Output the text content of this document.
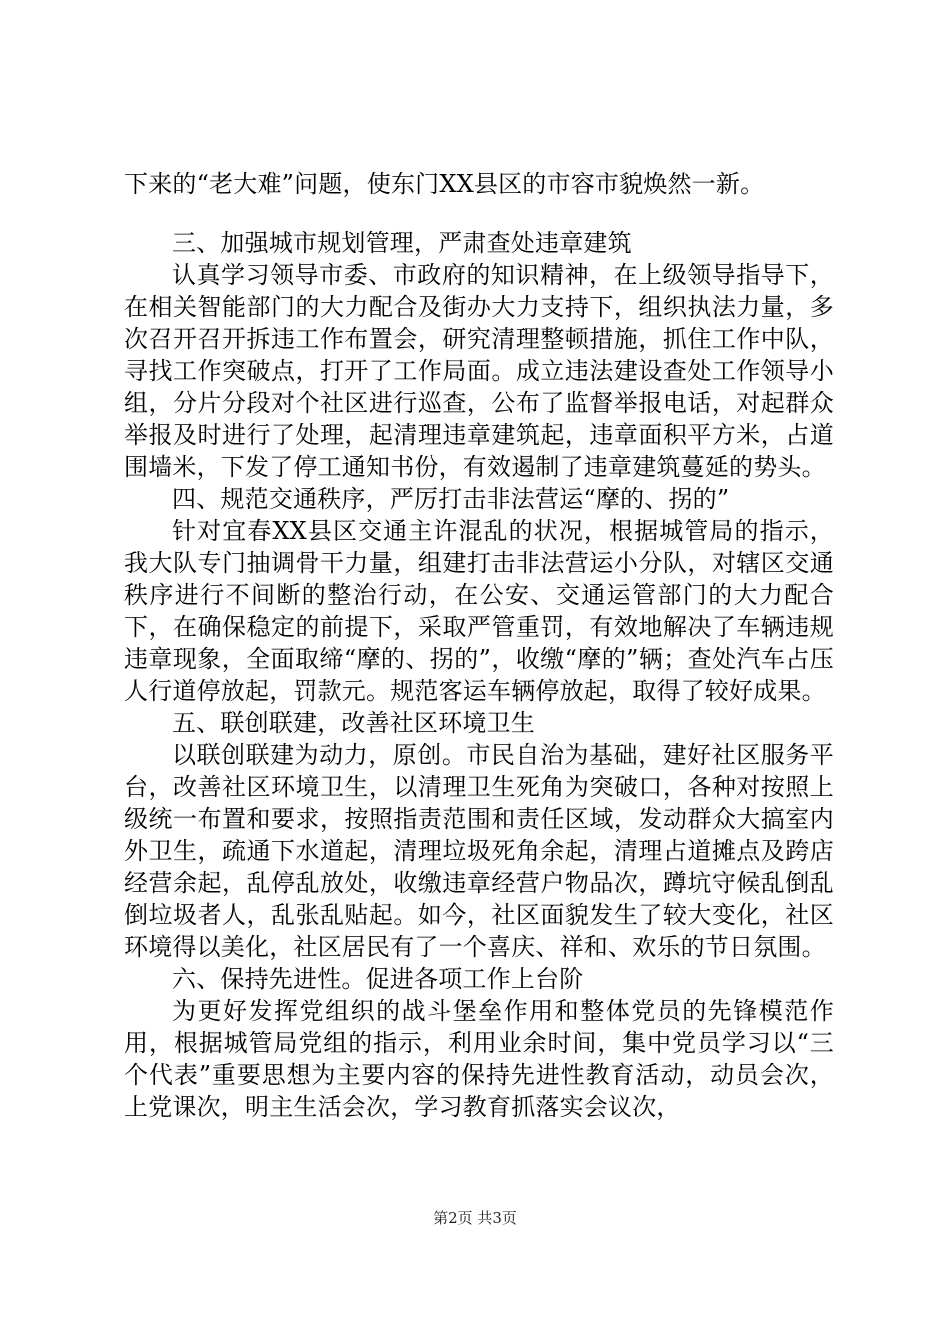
下来的“老大难”问题，使东门XX县区的市容市貌焕然一新。

三、加强城市规划管理，严肃查处违章建筑

认真学习领导市委、市政府的知识精神，在上级领导指导下，在相关智能部门的大力配合及街办大力支持下，组织执法力量，多次召开召开拆违工作布置会，研究清理整顿措施，抓住工作中队，寻找工作突破点，打开了工作局面。成立违法建设查处工作领导小组，分片分段对个社区进行巡查，公布了监督举报电话，对起群众举报及时进行了处理，起清理违章建筑起，违章面积平方米，占道围墙米，下发了停工通知书份，有效遏制了违章建筑蔓延的势头。

四、规范交通秩序，严厉打击非法营运“摩的、拐的”

针对宜春XX县区交通主许混乱的状况，根据城管局的指示，我大队专门抽调骨干力量，组建打击非法营运小分队，对辖区交通秩序进行不间断的整治行动，在公安、交通运管部门的大力配合下，在确保稳定的前提下，采取严管重罚，有效地解决了车辆违规违章现象，全面取缔“摩的、拐的”，收缴“摩的”辆；查处汽车占压人行道停放起，罚款元。规范客运车辆停放起，取得了较好成果。

五、联创联建，改善社区环境卫生

以联创联建为动力，原创。市民自治为基础，建好社区服务平台，改善社区环境卫生，以清理卫生死角为突破口，各种对按照上级统一布置和要求，按照指责范围和责任区域，发动群众大搞室内外卫生，疏通下水道起，清理垃圾死角余起，清理占道摊点及跨店经营余起，乱停乱放处，收缴违章经营户物品次，蹲坑守候乱倒乱倒垃圾者人，乱张乱贴起。如今，社区面貌发生了较大变化，社区环境得以美化，社区居民有了一个喜庆、祥和、欢乐的节日氛围。

六、保持先进性。促进各项工作上台阶

为更好发挥党组织的战斗堡垒作用和整体党员的先锋模范作用，根据城管局党组的指示，利用业余时间，集中党员学习以“三个代表”重要思想为主要内容的保持先进性教育活动，动员会次，上党课次，明主生活会次，学习教育抓落实会议次，

第2页 共3页
